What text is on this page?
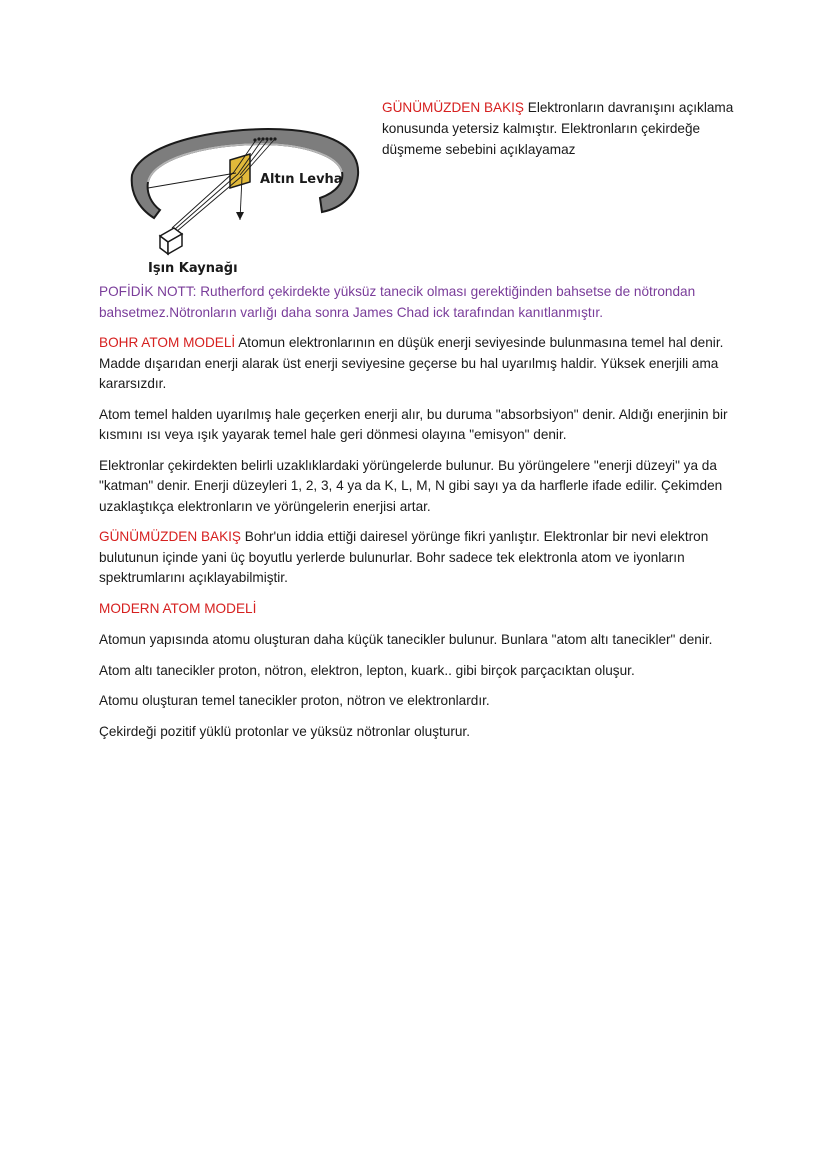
Altın Levha
Işın Kaynağı

GÜNÜMÜZDEN BAKIŞ Elektronların davranışını açıklama konusunda yetersiz kalmıştır. Elektronların çekirdeğe düşmeme sebebini açıklayamaz

POFİDİK NOTT: Rutherford çekirdekte yüksüz tanecik olması gerektiğinden bahsetse de nötrondan bahsetmez.Nötronların varlığı daha sonra James Chad ick tarafından kanıtlanmıştır.

BOHR ATOM MODELİ Atomun elektronlarının en düşük enerji seviyesinde bulunmasına temel hal denir. Madde dışarıdan enerji alarak üst enerji seviyesine geçerse bu hal uyarılmış haldir. Yüksek enerjili ama kararsızdır.

Atom temel halden uyarılmış hale geçerken enerji alır, bu duruma "absorbsiyon" denir. Aldığı enerjinin bir kısmını ısı veya ışık yayarak temel hale geri dönmesi olayına "emisyon" denir.

Elektronlar çekirdekten belirli uzaklıklardaki yörüngelerde bulunur. Bu yörüngelere "enerji düzeyi" ya da "katman" denir. Enerji düzeyleri 1, 2, 3, 4 ya da K, L, M, N gibi sayı ya da harflerle ifade edilir. Çekimden uzaklaştıkça elektronların ve yörüngelerin enerjisi artar.

GÜNÜMÜZDEN BAKIŞ Bohr'un iddia ettiği dairesel yörünge fikri yanlıştır. Elektronlar bir nevi elektron bulutunun içinde yani üç boyutlu yerlerde bulunurlar. Bohr sadece tek elektronla atom ve iyonların spektrumlarını açıklayabilmiştir.

MODERN ATOM MODELİ

Atomun yapısında atomu oluşturan daha küçük tanecikler bulunur. Bunlara "atom altı tanecikler" denir.

Atom altı tanecikler proton, nötron, elektron, lepton, kuark.. gibi birçok parçacıktan oluşur.

Atomu oluşturan temel tanecikler proton, nötron ve elektronlardır.

Çekirdeği pozitif yüklü protonlar ve yüksüz nötronlar oluşturur.
